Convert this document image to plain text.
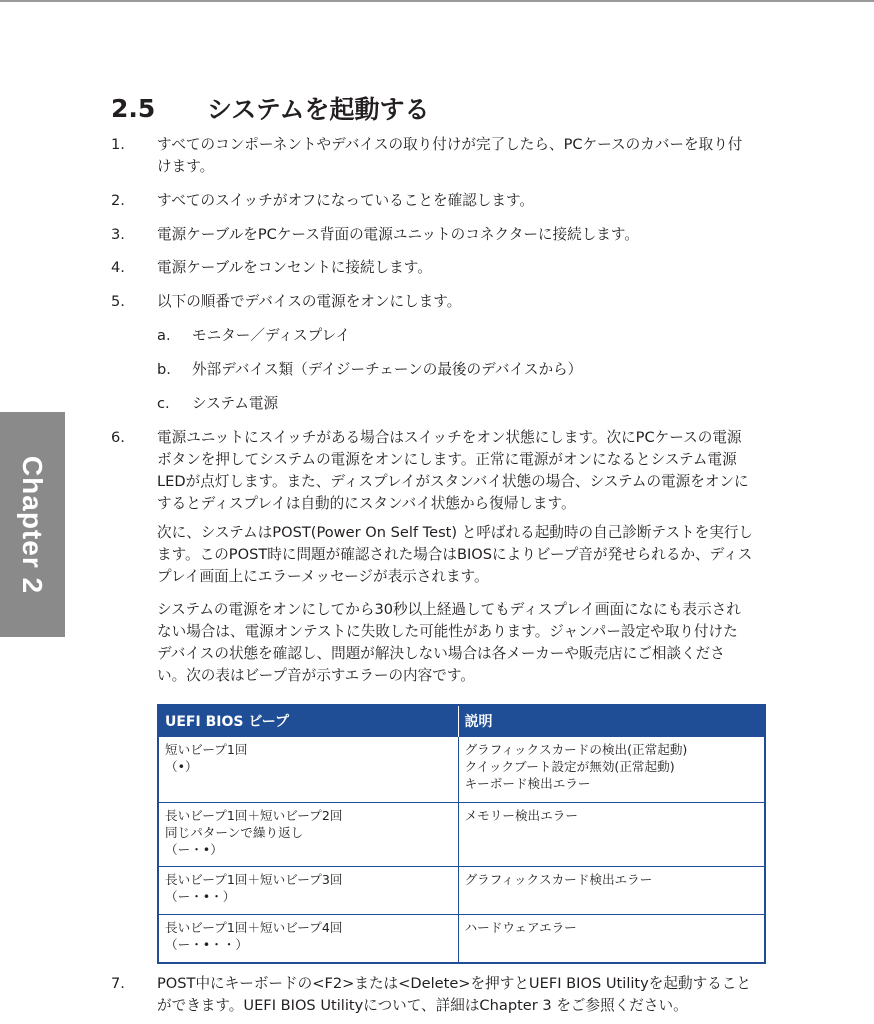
Chapter 2
2.5	システムを起動する
1.	すべてのコンポーネントやデバイスの取り付けが完了したら、PCケースのカバーを取り付
けます。
2.	すべてのスイッチがオフになっていることを確認します。
3.	電源ケーブルをPCケース背面の電源ユニットのコネクターに接続します。
4.	電源ケーブルをコンセントに接続します。
5.	以下の順番でデバイスの電源をオンにします。
a.	モニター／ディスプレイ
b.	外部デバイス類（デイジーチェーンの最後のデバイスから）
c.	システム電源
6.	電源ユニットにスイッチがある場合はスイッチをオン状態にします。次にPCケースの電源
ボタンを押してシステムの電源をオンにします。正常に電源がオンになるとシステム電源
LEDが点灯します。また、ディスプレイがスタンバイ状態の場合、システムの電源をオンに
するとディスプレイは自動的にスタンバイ状態から復帰します。
次に、システムはPOST(Power On Self Test) と呼ばれる起動時の自己診断テストを実行し
ます。このPOST時に問題が確認された場合はBIOSによりビープ音が発せられるか、ディス
プレイ画面上にエラーメッセージが表示されます。
システムの電源をオンにしてから30秒以上経過してもディスプレイ画面になにも表示され
ない場合は、電源オンテストに失敗した可能性があります。ジャンパー設定や取り付けた
デバイスの状態を確認し、問題が解決しない場合は各メーカーや販売店にご相談くださ
い。次の表はビープ音が示すエラーの内容です。
UEFI BIOS ビープ	説明

短いビープ1回
（•）	グラフィックスカードの検出(正常起動)
クイックブート設定が無効(正常起動)
キーボード検出エラー

長いビープ1回＋短いビープ2回
同じパターンで繰り返し
（ー・•）	メモリー検出エラー

長いビープ1回＋短いビープ3回
（ー・•・）	グラフィックスカード検出エラー

長いビープ1回＋短いビープ4回
（ー・•・・）	ハードウェアエラー
7.	POST中にキーボードの<F2>または<Delete>を押すとUEFI BIOS Utilityを起動すること
ができます。UEFI BIOS Utilityについて、詳細はChapter 3 をご参照ください。
